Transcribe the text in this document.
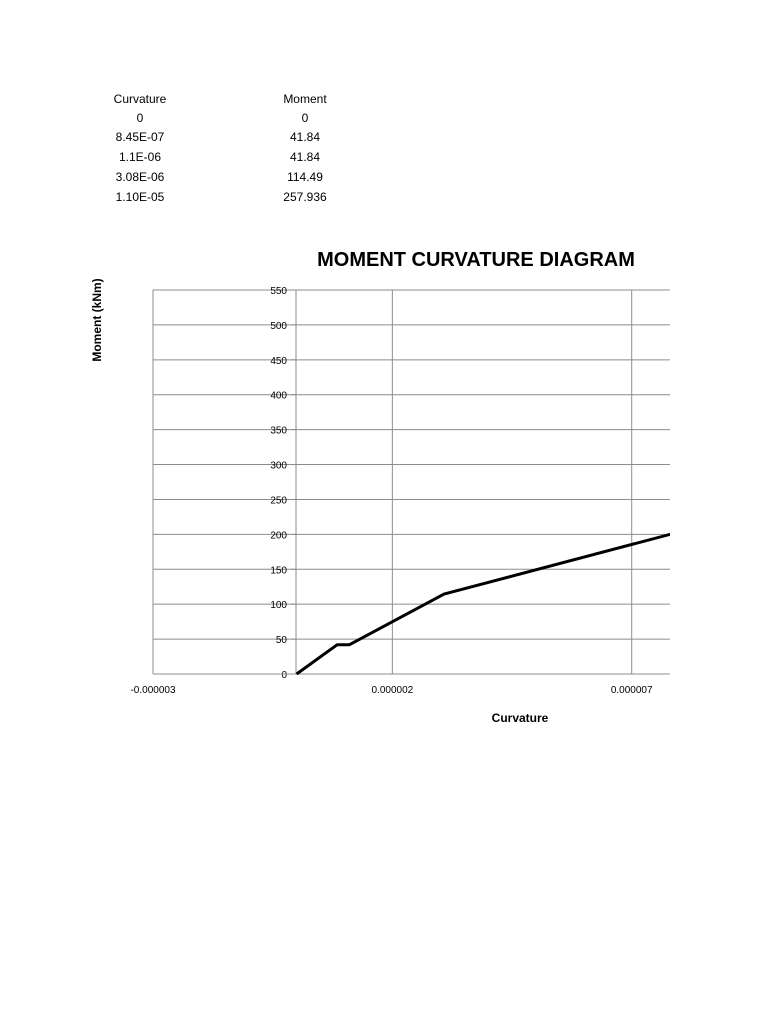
Curvature	Moment
0	0
8.45E-07	41.84
1.1E-06	41.84
3.08E-06	114.49
1.10E-05	257.936
MOMENT CURVATURE DIAGRAM
Moment (kNm)
Curvature
0
50
100
150
200
250
300
350
400
450
500
550
-0.000003	0.000002	0.000007
